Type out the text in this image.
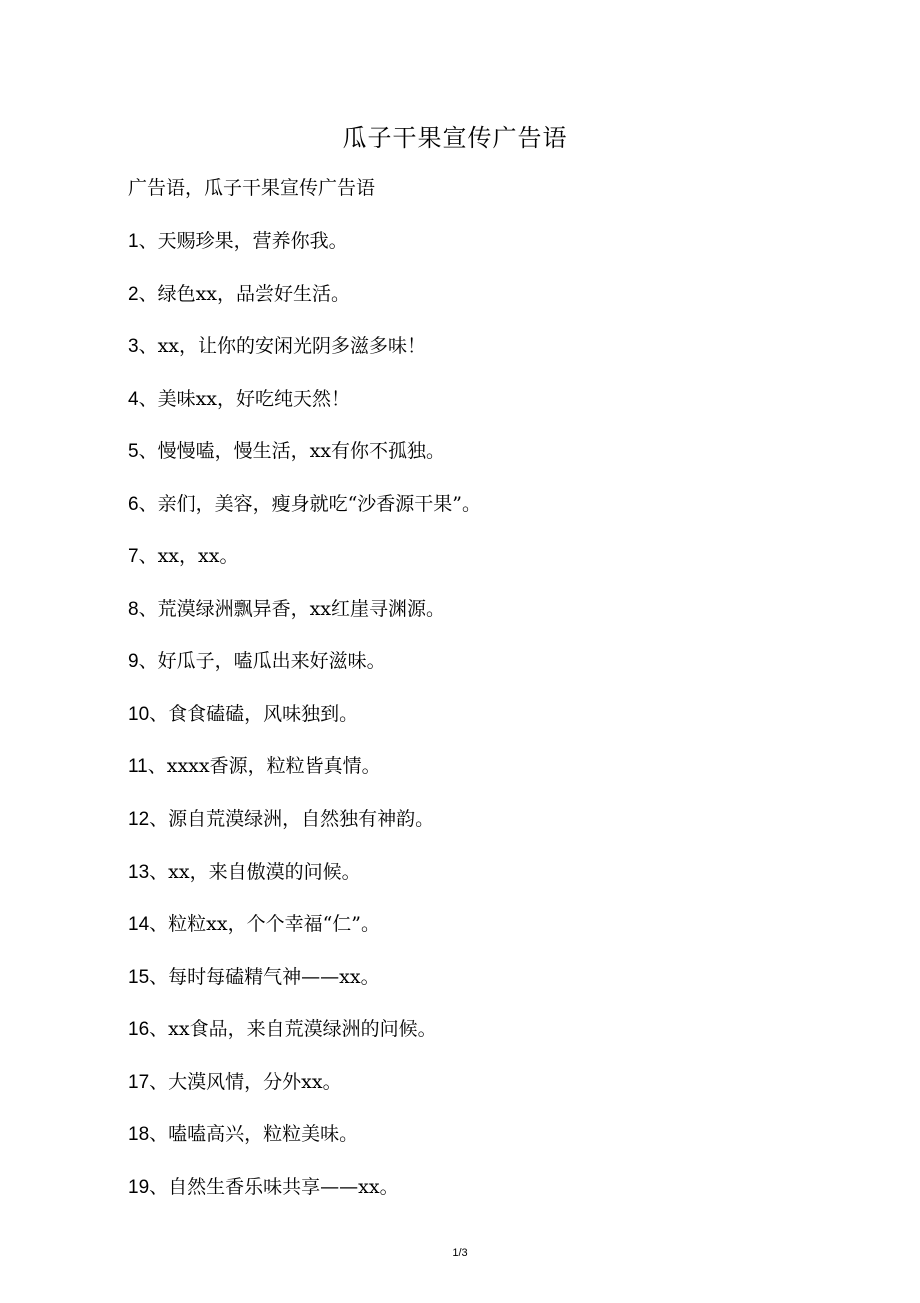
瓜子干果宣传广告语
广告语，瓜子干果宣传广告语
1、天赐珍果，营养你我。
2、绿色xx，品尝好生活。
3、xx，让你的安闲光阴多滋多味！
4、美味xx，好吃纯天然！
5、慢慢嗑，慢生活，xx有你不孤独。
6、亲们，美容，瘦身就吃“沙香源干果”。
7、xx，xx。
8、荒漠绿洲飘异香，xx红崖寻渊源。
9、好瓜子，嗑瓜出来好滋味。
10、食食磕磕，风味独到。
11、xxxx香源，粒粒皆真情。
12、源自荒漠绿洲，自然独有神韵。
13、xx，来自傲漠的问候。
14、粒粒xx，个个幸福“仁”。
15、每时每磕精气神——xx。
16、xx食品，来自荒漠绿洲的问候。
17、大漠风情，分外xx。
18、嗑嗑高兴，粒粒美味。
19、自然生香乐味共享——xx。
1/3
